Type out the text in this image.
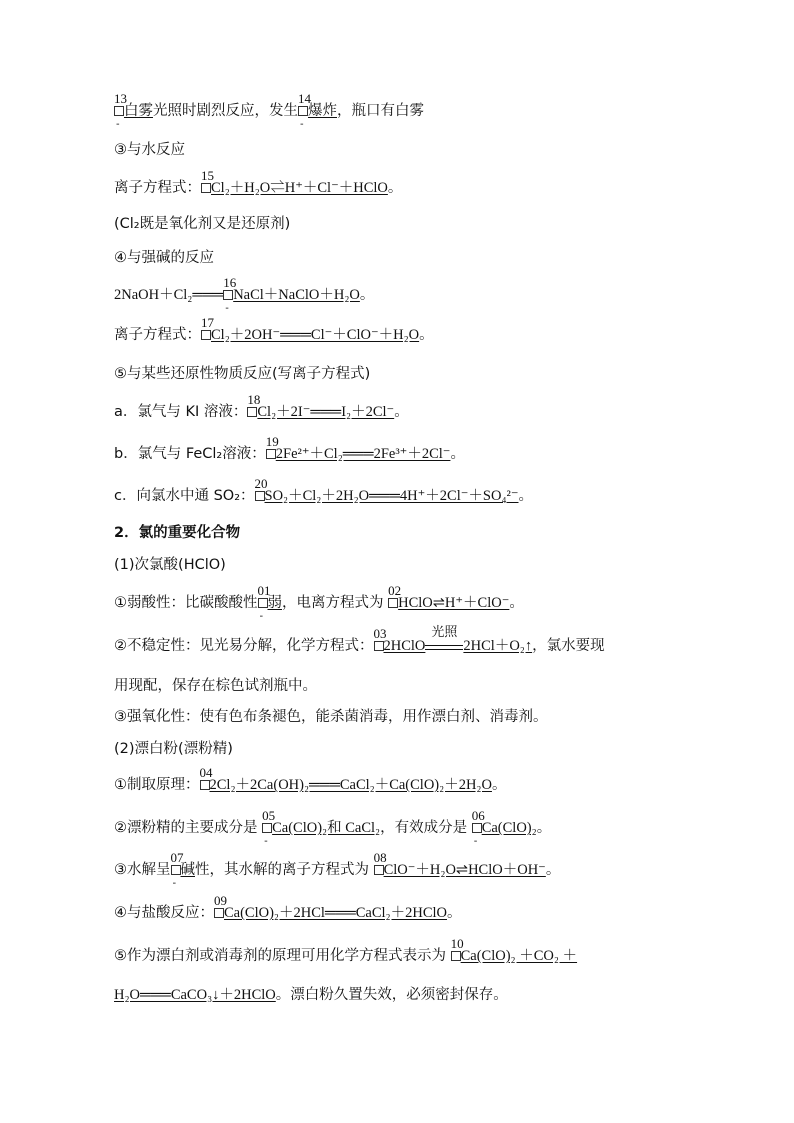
13
-
白雾光照时剧烈反应，发生
14
-
爆炸，瓶口有白雾
③与水反应
离子方程式：
15
Cl₂＋H₂O⇌H⁺＋Cl⁻＋HClO。
(Cl₂既是氧化剂又是还原剂)
④与强碱的反应
2NaOH＋Cl₂═══
16
-
NaCl＋NaClO＋H₂O。
离子方程式：
17
Cl₂＋2OH⁻═══Cl⁻＋ClO⁻＋H₂O。
⑤与某些还原性物质反应(写离子方程式)
a．氯气与 KI 溶液：
18
Cl₂＋2I⁻═══I₂＋2Cl⁻。
b．氯气与 FeCl₂溶液：
19
2Fe²⁺＋Cl₂═══2Fe³⁺＋2Cl⁻。
c．向氯水中通 SO₂：
20
SO₂＋Cl₂＋2H₂O═══4H⁺＋2Cl⁻＋SO₄²⁻。
2．氯的重要化合物
(1)次氯酸(HClO)
①弱酸性：比碳酸酸性
01
-
弱，电离方程式为
02
HClO⇌H⁺＋ClO⁻。
②不稳定性：见光易分解，化学方程式：
03
2HClO
光照
2HCl＋O₂↑，氯水要现
用现配，保存在棕色试剂瓶中。
③强氧化性：使有色布条褪色，能杀菌消毒，用作漂白剂、消毒剂。
(2)漂白粉(漂粉精)
①制取原理：
04
2Cl₂＋2Ca(OH)₂═══CaCl₂＋Ca(ClO)₂＋2H₂O。
②漂粉精的主要成分是
05
-
Ca(ClO)₂和 CaCl₂，有效成分是
06
-
Ca(ClO)₂。
③水解呈
07
-
碱性，其水解的离子方程式为
08
ClO⁻＋H₂O⇌HClO＋OH⁻。
④与盐酸反应：
09
Ca(ClO)₂＋2HCl═══CaCl₂＋2HClO。
⑤作为漂白剂或消毒剂的原理可用化学方程式表示为
10
Ca(ClO)₂ ＋CO₂ ＋
H₂O═══CaCO₃↓＋2HClO。漂白粉久置失效，必须密封保存。
